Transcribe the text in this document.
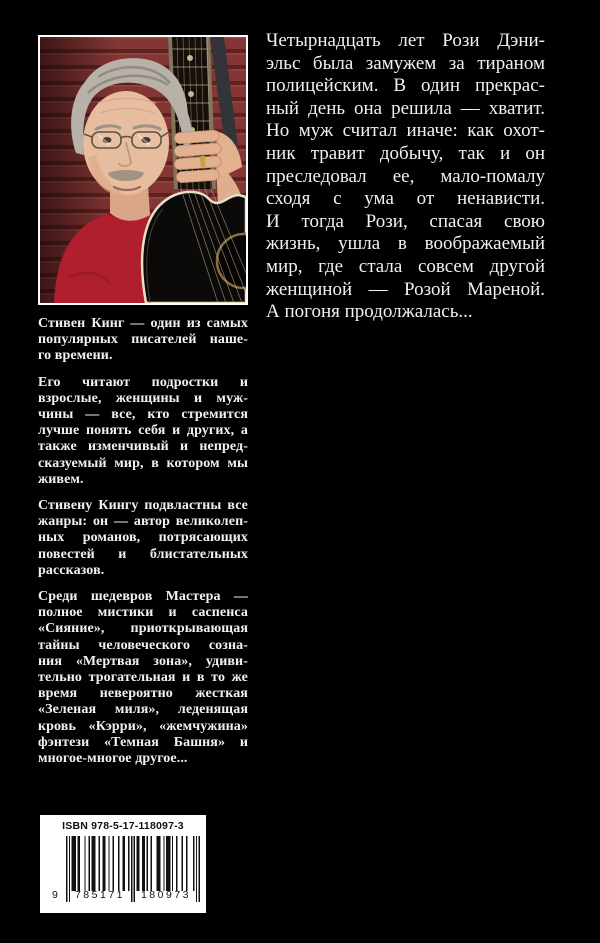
Стивен Кинг — один из самых
популярных писателей наше-
го времени.
Его читают подростки и
взрослые, женщины и муж-
чины — все, кто стремится
лучше понять себя и других, а
также изменчивый и непред-
сказуемый мир, в котором мы
живем.
Стивену Кингу подвластны все
жанры: он — автор великолеп-
ных романов, потрясающих
повестей и блистательных
рассказов.
Среди шедевров Мастера —
полное мистики и саспенса
«Сияние», приоткрывающая
тайны человеческого созна-
ния «Мертвая зона», удиви-
тельно трогательная и в то же
время невероятно жесткая
«Зеленая миля», леденящая
кровь «Кэрри», «жемчужина»
фэнтези «Темная Башня» и
многое-многое другое...
Четырнадцать лет Рози Дэни-
эльс была замужем за тираном
полицейским. В один прекрас-
ный день она решила — хватит.
Но муж считал иначе: как охот-
ник травит добычу, так и он
преследовал ее, мало-помалу
сходя с ума от ненависти.
И тогда Рози, спасая свою
жизнь, ушла в воображаемый
мир, где стала совсем другой
женщиной — Розой Мареной.
А погоня продолжалась...
ISBN 978-5-17-118097-3
9	785171	180973
